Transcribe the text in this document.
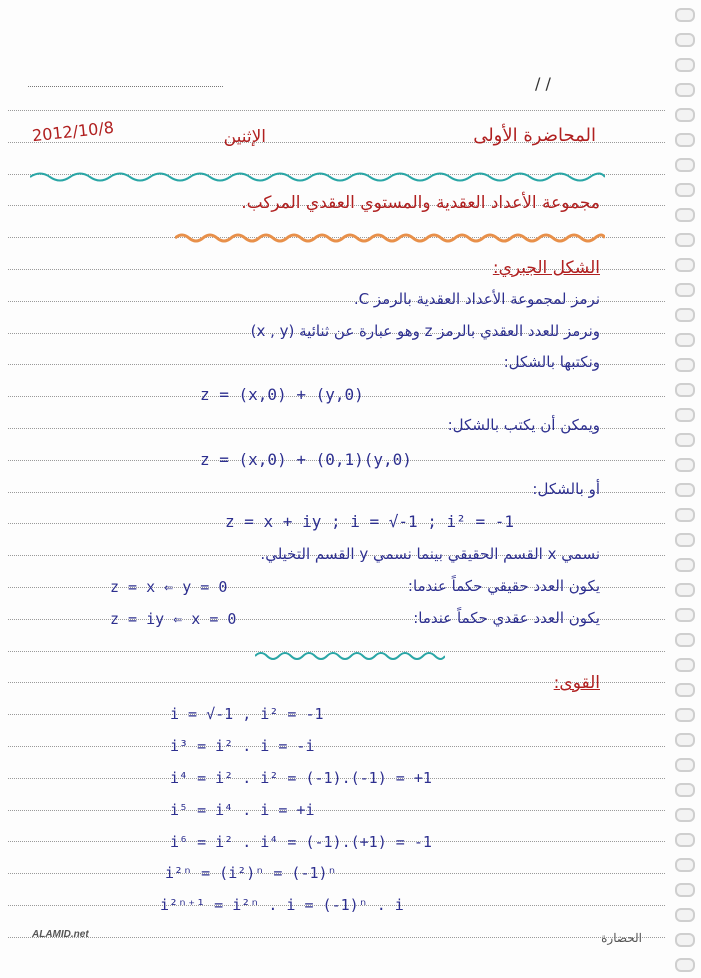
/ /
2012/10/8	الإثنين	المحاضرة الأولى
مجموعة الأعداد العقدية والمستوي العقدي المركب.
الشكل الجبري:
نرمز لمجموعة الأعداد العقدية بالرمز C.
ونرمز للعدد العقدي بالرمز z وهو عبارة عن ثنائية (x , y)
ونكتبها بالشكل:
z = (x,0) + (y,0)
ويمكن أن يكتب بالشكل:
z = (x,0) + (0,1)(y,0)
أو بالشكل:
z = x + iy ; i = √-1 ; i² = -1
نسمي x القسم الحقيقي بينما نسمي y القسم التخيلي.
z = x ⇐ y = 0	يكون العدد حقيقي حكماً عندما:
z = iy ⇐ x = 0	يكون العدد عقدي حكماً عندما:
القوى:
i = √-1 , i² = -1
i³ = i² . i = -i
i⁴ = i² . i² = (-1).(-1) = +1
i⁵ = i⁴ . i = +i
i⁶ = i² . i⁴ = (-1).(+1) = -1
i²ⁿ = (i²)ⁿ = (-1)ⁿ
i²ⁿ⁺¹ = i²ⁿ . i = (-1)ⁿ . i
ALAMID.net	الحضارة
